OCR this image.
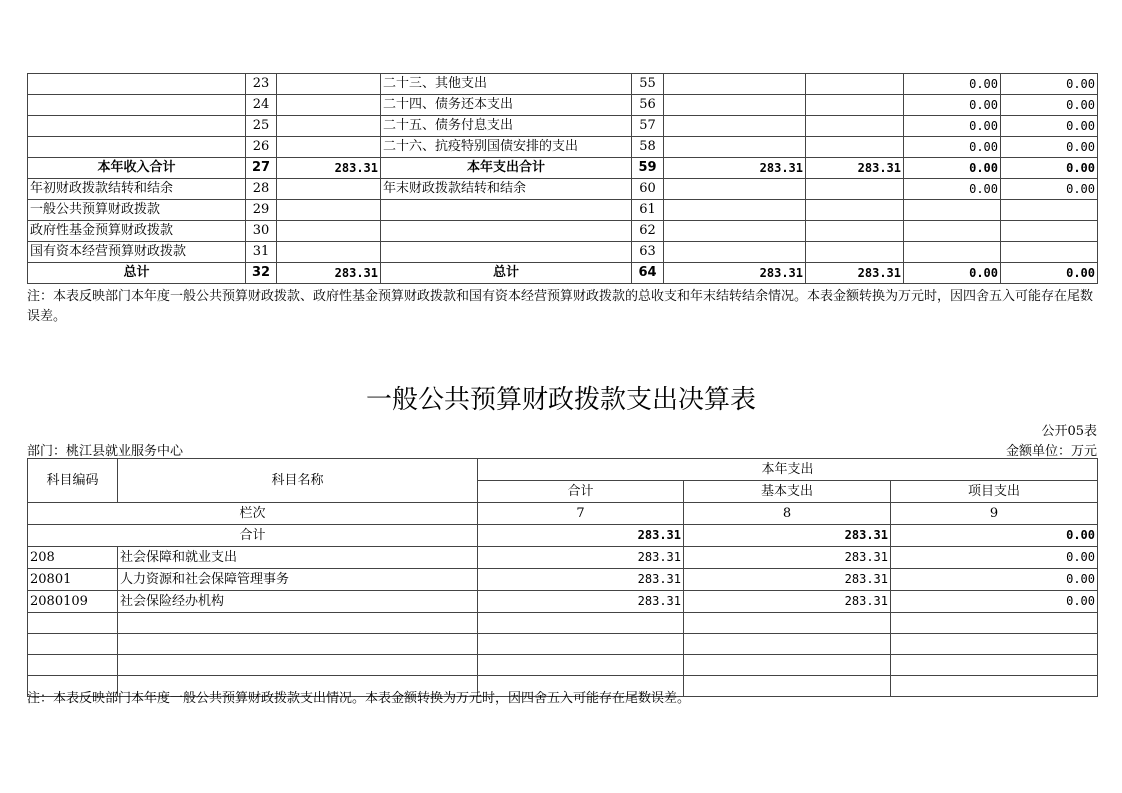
	23		二十三、其他支出	55			0.00	0.00
	24		二十四、债务还本支出	56			0.00	0.00
	25		二十五、债务付息支出	57			0.00	0.00
	26		二十六、抗疫特别国债安排的支出	58			0.00	0.00
本年收入合计	27	283.31	本年支出合计	59	283.31	283.31	0.00	0.00
年初财政拨款结转和结余	28		年末财政拨款结转和结余	60			0.00	0.00
一般公共预算财政拨款	29			61				
政府性基金预算财政拨款	30			62				
国有资本经营预算财政拨款	31			63				
总计	32	283.31	总计	64	283.31	283.31	0.00	0.00
注：本表反映部门本年度一般公共预算财政拨款、政府性基金预算财政拨款和国有资本经营预算财政拨款的总收支和年末结转结余情况。本表金额转换为万元时，因四舍五入可能存在尾数误差。
一般公共预算财政拨款支出决算表
公开05表
部门：桃江县就业服务中心	金额单位：万元
科目编码	科目名称	本年支出		
		合计	基本支出	项目支出
栏次		7	8	9
合计		283.31	283.31	0.00
208	社会保障和就业支出	283.31	283.31	0.00
20801	人力资源和社会保障管理事务	283.31	283.31	0.00
2080109	社会保险经办机构	283.31	283.31	0.00

注：本表反映部门本年度一般公共预算财政拨款支出情况。本表金额转换为万元时，因四舍五入可能存在尾数误差。
